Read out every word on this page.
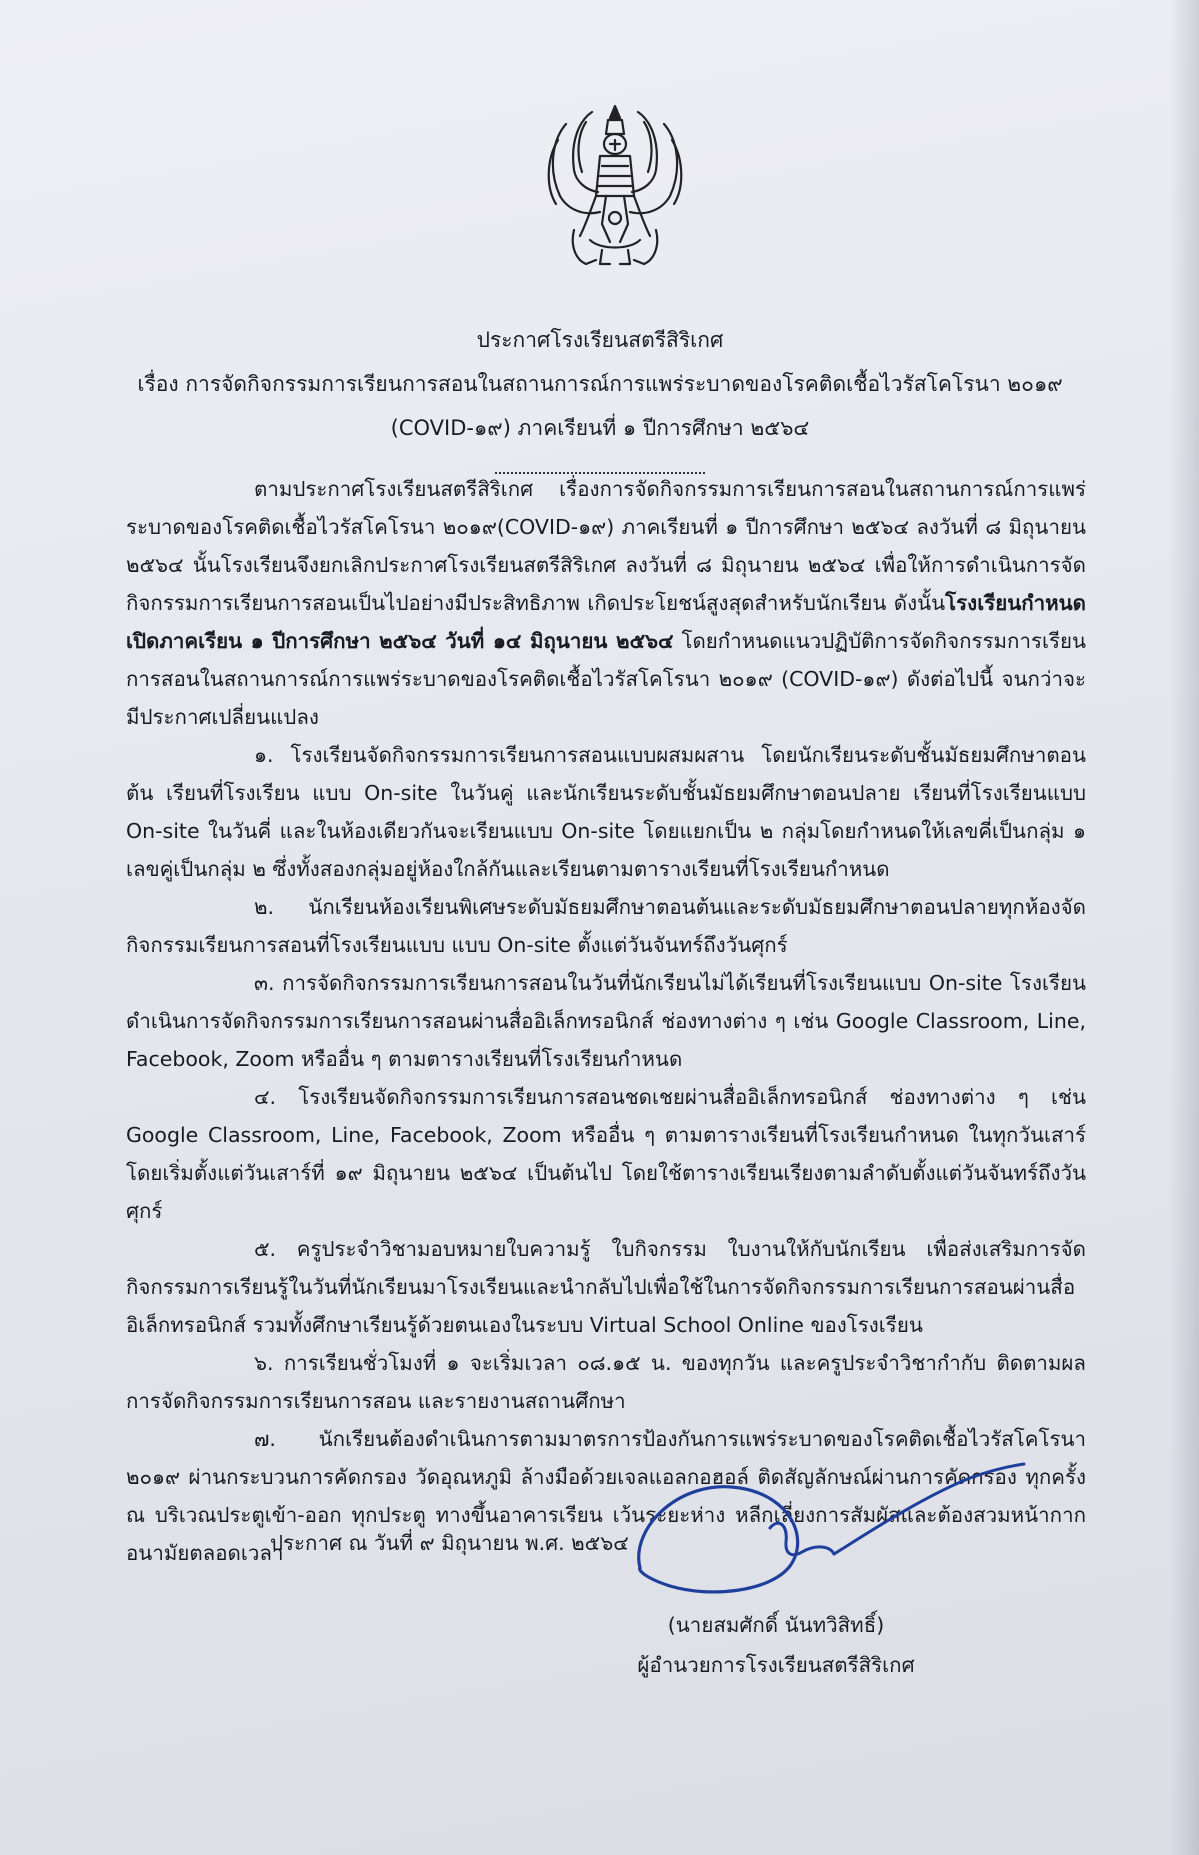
ประกาศโรงเรียนสตรีสิริเกศ
เรื่อง การจัดกิจกรรมการเรียนการสอนในสถานการณ์การแพร่ระบาดของโรคติดเชื้อไวรัสโคโรนา ๒๐๑๙
(COVID-๑๙) ภาคเรียนที่ ๑ ปีการศึกษา ๒๕๖๔

ตามประกาศโรงเรียนสตรีสิริเกศ เรื่องการจัดกิจกรรมการเรียนการสอนในสถานการณ์การแพร่ระบาดของโรคติดเชื้อไวรัสโคโรนา ๒๐๑๙(COVID-๑๙) ภาคเรียนที่ ๑ ปีการศึกษา ๒๕๖๔ ลงวันที่ ๘ มิถุนายน ๒๕๖๔ นั้นโรงเรียนจึงยกเลิกประกาศโรงเรียนสตรีสิริเกศ ลงวันที่ ๘ มิถุนายน ๒๕๖๔ เพื่อให้การดำเนินการจัดกิจกรรมการเรียนการสอนเป็นไปอย่างมีประสิทธิภาพ เกิดประโยชน์สูงสุดสำหรับนักเรียน ดังนั้นโรงเรียนกำหนดเปิดภาคเรียน ๑ ปีการศึกษา ๒๕๖๔ วันที่ ๑๔ มิถุนายน ๒๕๖๔ โดยกำหนดแนวปฏิบัติการจัดกิจกรรมการเรียนการสอนในสถานการณ์การแพร่ระบาดของโรคติดเชื้อไวรัสโคโรนา ๒๐๑๙ (COVID-๑๙) ดังต่อไปนี้ จนกว่าจะมีประกาศเปลี่ยนแปลง

๑. โรงเรียนจัดกิจกรรมการเรียนการสอนแบบผสมผสาน โดยนักเรียนระดับชั้นมัธยมศึกษาตอนต้น เรียนที่โรงเรียน แบบ On-site ในวันคู่ และนักเรียนระดับชั้นมัธยมศึกษาตอนปลาย เรียนที่โรงเรียนแบบ On-site ในวันคี่ และในห้องเดียวกันจะเรียนแบบ On-site โดยแยกเป็น ๒ กลุ่มโดยกำหนดให้เลขคี่เป็นกลุ่ม ๑ เลขคู่เป็นกลุ่ม ๒ ซึ่งทั้งสองกลุ่มอยู่ห้องใกล้กันและเรียนตามตารางเรียนที่โรงเรียนกำหนด

๒. นักเรียนห้องเรียนพิเศษระดับมัธยมศึกษาตอนต้นและระดับมัธยมศึกษาตอนปลายทุกห้องจัดกิจกรรมเรียนการสอนที่โรงเรียนแบบ แบบ On-site ตั้งแต่วันจันทร์ถึงวันศุกร์

๓. การจัดกิจกรรมการเรียนการสอนในวันที่นักเรียนไม่ได้เรียนที่โรงเรียนแบบ On-site โรงเรียนดำเนินการจัดกิจกรรมการเรียนการสอนผ่านสื่ออิเล็กทรอนิกส์ ช่องทางต่าง ๆ เช่น Google Classroom, Line, Facebook, Zoom หรืออื่น ๆ ตามตารางเรียนที่โรงเรียนกำหนด

๔. โรงเรียนจัดกิจกรรมการเรียนการสอนชดเชยผ่านสื่ออิเล็กทรอนิกส์ ช่องทางต่าง ๆ เช่น Google Classroom, Line, Facebook, Zoom หรืออื่น ๆ ตามตารางเรียนที่โรงเรียนกำหนด ในทุกวันเสาร์โดยเริ่มตั้งแต่วันเสาร์ที่ ๑๙ มิถุนายน ๒๕๖๔ เป็นต้นไป โดยใช้ตารางเรียนเรียงตามลำดับตั้งแต่วันจันทร์ถึงวันศุกร์

๕. ครูประจำวิชามอบหมายใบความรู้ ใบกิจกรรม ใบงานให้กับนักเรียน เพื่อส่งเสริมการจัดกิจกรรมการเรียนรู้ในวันที่นักเรียนมาโรงเรียนและนำกลับไปเพื่อใช้ในการจัดกิจกรรมการเรียนการสอนผ่านสื่ออิเล็กทรอนิกส์ รวมทั้งศึกษาเรียนรู้ด้วยตนเองในระบบ Virtual School Online ของโรงเรียน

๖. การเรียนชั่วโมงที่ ๑ จะเริ่มเวลา ๐๘.๑๕ น. ของทุกวัน และครูประจำวิชากำกับ ติดตามผลการจัดกิจกรรมการเรียนการสอน และรายงานสถานศึกษา

๗. นักเรียนต้องดำเนินการตามมาตรการป้องกันการแพร่ระบาดของโรคติดเชื้อไวรัสโคโรนา ๒๐๑๙ ผ่านกระบวนการคัดกรอง วัดอุณหภูมิ ล้างมือด้วยเจลแอลกอฮอล์ ติดสัญลักษณ์ผ่านการคัดกรอง ทุกครั้ง ณ บริเวณประตูเข้า-ออก ทุกประตู ทางขึ้นอาคารเรียน เว้นระยะห่าง หลีกเลี่ยงการสัมผัสและต้องสวมหน้ากากอนามัยตลอดเวลา

ประกาศ ณ วันที่ ๙ มิถุนายน พ.ศ. ๒๕๖๔
(นายสมศักดิ์ นันทวิสิทธิ์)
ผู้อำนวยการโรงเรียนสตรีสิริเกศ
